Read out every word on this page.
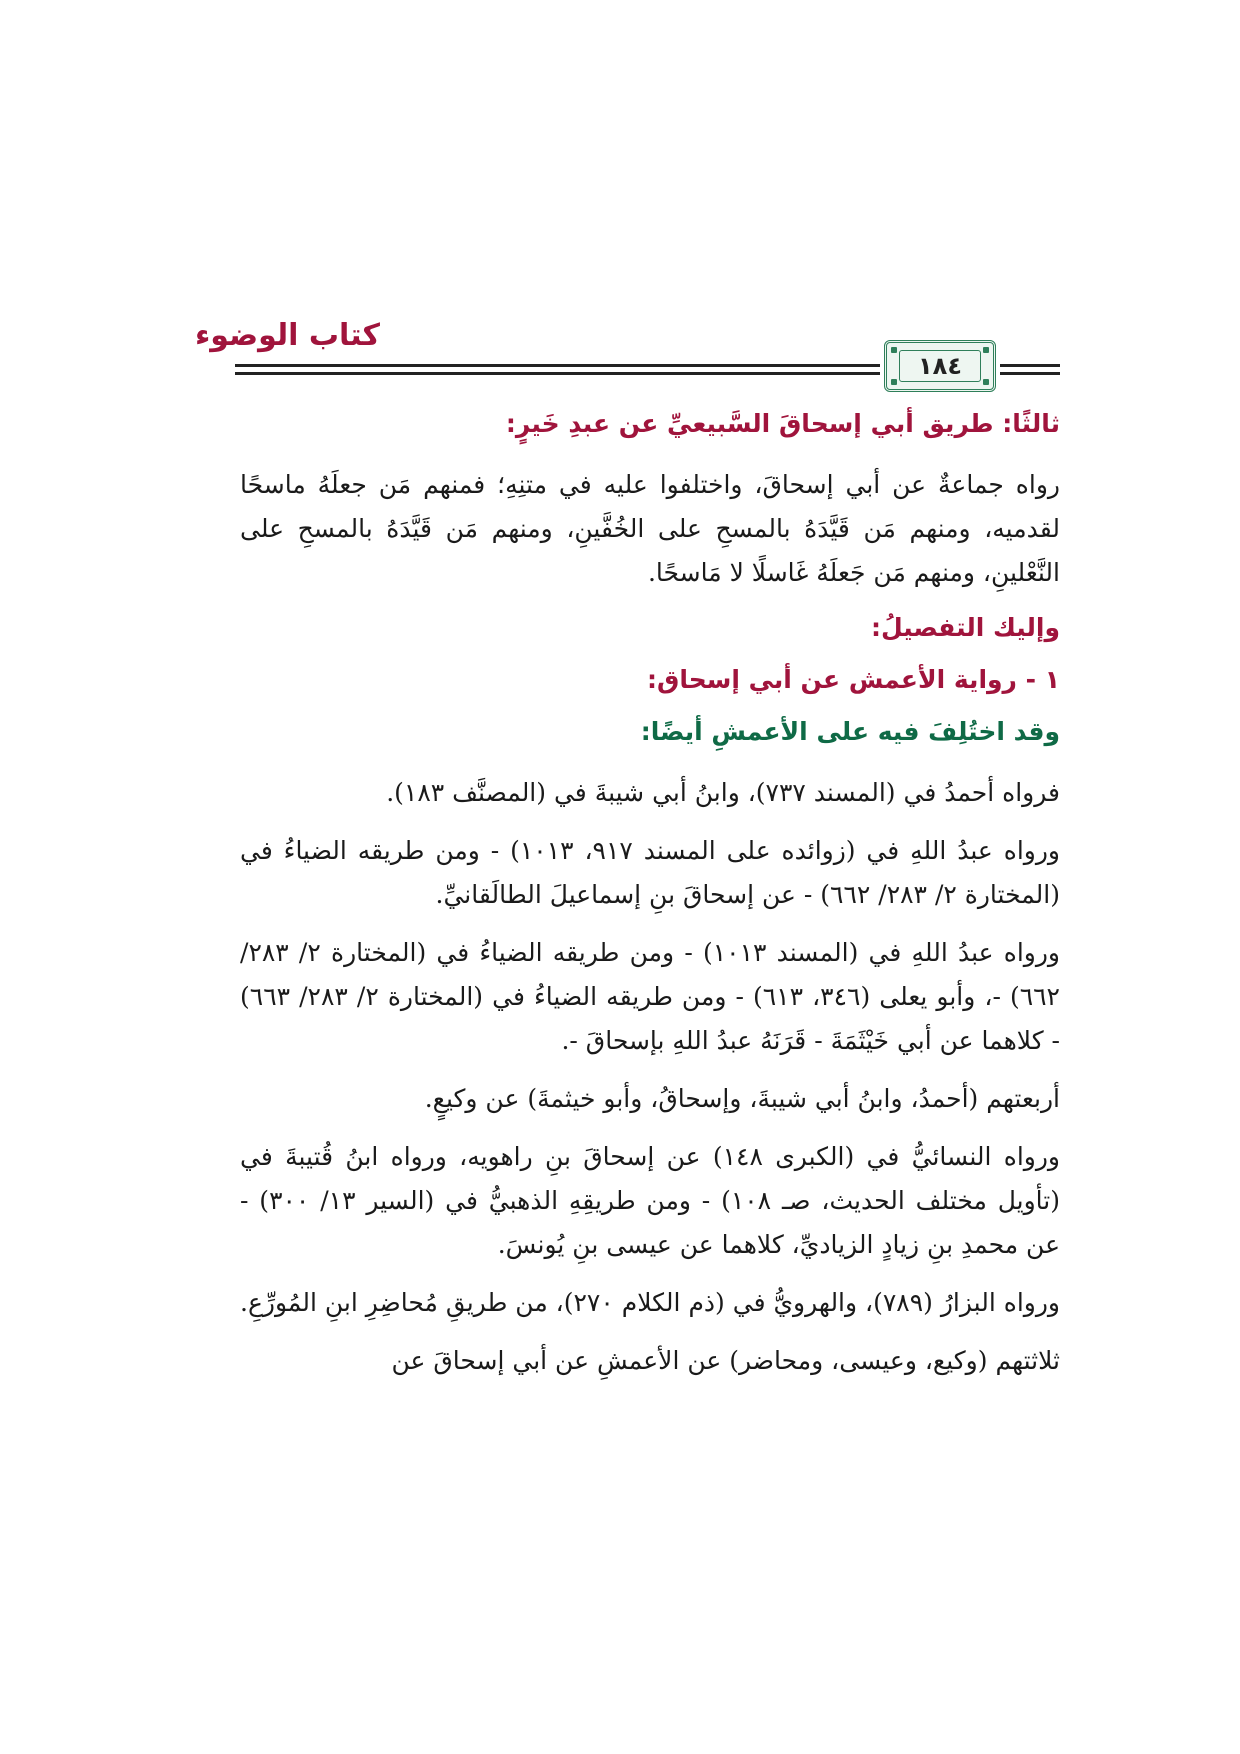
كتاب الوضوء
١٨٤
ثالثًا: طريق أبي إسحاقَ السَّبيعيِّ عن عبدِ خَيرٍ:

رواه جماعةٌ عن أبي إسحاقَ، واختلفوا عليه في متنِهِ؛ فمنهم مَن جعلَهُ ماسحًا لقدميه، ومنهم مَن قَيَّدَهُ بالمسحِ على الخُفَّينِ، ومنهم مَن قَيَّدَهُ بالمسحِ على النَّعْلينِ، ومنهم مَن جَعلَهُ غَاسلًا لا مَاسحًا.

وإليك التفصيلُ:
١ - رواية الأعمش عن أبي إسحاق:
وقد اختُلِفَ فيه على الأعمشِ أيضًا:

فرواه أحمدُ في (المسند ٧٣٧)، وابنُ أبي شيبةَ في (المصنَّف ١٨٣).

ورواه عبدُ اللهِ في (زوائده على المسند ٩١٧، ١٠١٣) - ومن طريقه الضياءُ في (المختارة ٢/ ٢٨٣/ ٦٦٢) - عن إسحاقَ بنِ إسماعيلَ الطالَقانيِّ.

ورواه عبدُ اللهِ في (المسند ١٠١٣) - ومن طريقه الضياءُ في (المختارة ٢/ ٢٨٣/ ٦٦٢) -، وأبو يعلى (٣٤٦، ٦١٣) - ومن طريقه الضياءُ في (المختارة ٢/ ٢٨٣/ ٦٦٣) - كلاهما عن أبي خَيْثَمَةَ - قَرَنَهُ عبدُ اللهِ بإسحاقَ -.

أربعتهم (أحمدُ، وابنُ أبي شيبةَ، وإسحاقُ، وأبو خيثمةَ) عن وكيعٍ.

ورواه النسائيُّ في (الكبرى ١٤٨) عن إسحاقَ بنِ راهويه، ورواه ابنُ قُتيبةَ في (تأويل مختلف الحديث، صـ ١٠٨) - ومن طريقِهِ الذهبيُّ في (السير ١٣/ ٣٠٠) - عن محمدِ بنِ زيادٍ الزياديِّ، كلاهما عن عيسى بنِ يُونسَ.

ورواه البزارُ (٧٨٩)، والهرويُّ في (ذم الكلام ٢٧٠)، من طريقِ مُحاضِرِ ابنِ المُورِّعِ.

ثلاثتهم (وكيع، وعيسى، ومحاضر) عن الأعمشِ عن أبي إسحاقَ عن
